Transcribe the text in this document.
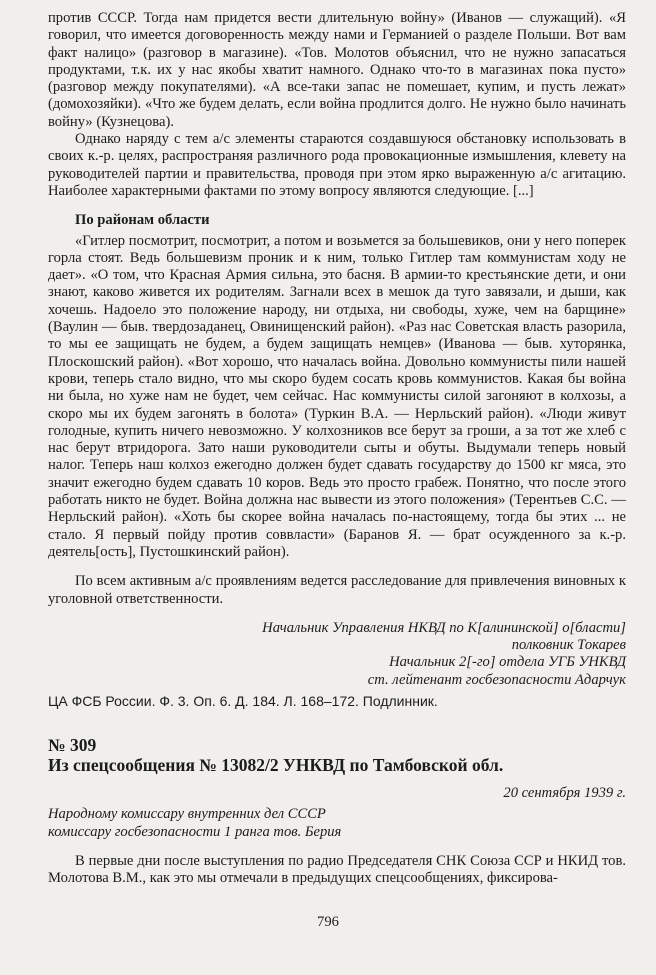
против СССР. Тогда нам придется вести длительную войну» (Иванов — служащий). «Я говорил, что имеется договоренность между нами и Германией о разделе Польши. Вот вам факт налицо» (разговор в магазине). «Тов. Молотов объяснил, что не нужно запасаться продуктами, т.к. их у нас якобы хватит намного. Однако что-то в магазинах пока пусто» (разговор между покупателями). «А все-таки запас не помешает, купим, и пусть лежат» (домохозяйки). «Что же будем делать, если война продлится долго. Не нужно было начинать войну» (Кузнецова).

Однако наряду с тем а/с элементы стараются создавшуюся обстановку использовать в своих к.-р. целях, распространяя различного рода провокационные измышления, клевету на руководителей партии и правительства, проводя при этом ярко выраженную а/с агитацию. Наиболее характерными фактами по этому вопросу являются следующие. [...]

По районам области

«Гитлер посмотрит, посмотрит, а потом и возьмется за большевиков, они у него поперек горла стоят. Ведь большевизм проник и к ним, только Гитлер там коммунистам ходу не дает». «О том, что Красная Армия сильна, это басня. В армии-то крестьянские дети, и они знают, каково живется их родителям. Загнали всех в мешок да туго завязали, и дыши, как хочешь. Надоело это положение народу, ни отдыха, ни свободы, хуже, чем на барщине» (Ваулин — быв. твердозаданец, Овинищенский район). «Раз нас Советская власть разорила, то мы ее защищать не будем, а будем защищать немцев» (Иванова — быв. хуторянка, Плоскошский район). «Вот хорошо, что началась война. Довольно коммунисты пили нашей крови, теперь стало видно, что мы скоро будем сосать кровь коммунистов. Какая бы война ни была, но хуже нам не будет, чем сейчас. Нас коммунисты силой загоняют в колхозы, а скоро мы их будем загонять в болота» (Туркин В.А. — Нерльский район). «Люди живут голодные, купить ничего невозможно. У колхозников все берут за гроши, а за тот же хлеб с нас берут втридорога. Зато наши руководители сыты и обуты. Выдумали теперь новый налог. Теперь наш колхоз ежегодно должен будет сдавать государству до 1500 кг мяса, это значит ежегодно будем сдавать 10 коров. Ведь это просто грабеж. Понятно, что после этого работать никто не будет. Война должна нас вывести из этого положения» (Терентьев С.С. — Нерльский район). «Хоть бы скорее война началась по-настоящему, тогда бы этих ... не стало. Я первый пойду против соввласти» (Баранов Я. — брат осужденного за к.-р. деятель[ость], Пустошкинский район).

По всем активным а/с проявлениям ведется расследование для привлечения виновных к уголовной ответственности.

Начальник Управления НКВД по К[алининской] о[бласти]
полковник Токарев
Начальник 2[-го] отдела УГБ УНКВД
ст. лейтенант госбезопасности Адарчук

ЦА ФСБ России. Ф. 3. Оп. 6. Д. 184. Л. 168–172. Подлинник.

№ 309
Из спецсообщения № 13082/2 УНКВД по Тамбовской обл.
20 сентября 1939 г.
Народному комиссару внутренних дел СССР
комиссару госбезопасности 1 ранга тов. Берия

В первые дни после выступления по радио Председателя СНК Союза ССР и НКИД тов. Молотова В.М., как это мы отмечали в предыдущих спецсообщениях, фиксирова-

796
